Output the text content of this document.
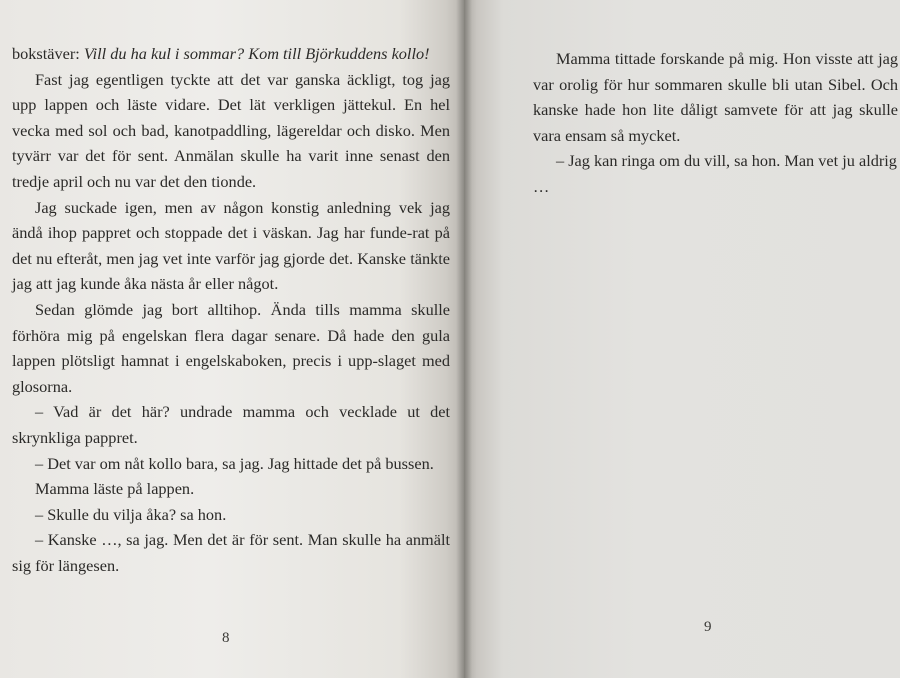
bokstäver: Vill du ha kul i sommar? Kom till Björkuddens kollo!

Fast jag egentligen tyckte att det var ganska äckligt, tog jag upp lappen och läste vidare. Det lät verkligen jättekul. En hel vecka med sol och bad, kanotpaddling, lägereldar och disko. Men tyvärr var det för sent. Anmälan skulle ha varit inne senast den tredje april och nu var det den tionde.

Jag suckade igen, men av någon konstig anledning vek jag ändå ihop pappret och stoppade det i väskan. Jag har funde-rat på det nu efteråt, men jag vet inte varför jag gjorde det. Kanske tänkte jag att jag kunde åka nästa år eller något.

Sedan glömde jag bort alltihop. Ända tills mamma skulle förhöra mig på engelskan flera dagar senare. Då hade den gula lappen plötsligt hamnat i engelskaboken, precis i upp-slaget med glosorna.

– Vad är det här? undrade mamma och vecklade ut det skrynkliga pappret.

– Det var om nåt kollo bara, sa jag. Jag hittade det på bussen.

Mamma läste på lappen.

– Skulle du vilja åka? sa hon.

– Kanske …, sa jag. Men det är för sent. Man skulle ha anmält sig för längesen.

8

Mamma tittade forskande på mig. Hon visste att jag var orolig för hur sommaren skulle bli utan Sibel. Och kanske hade hon lite dåligt samvete för att jag skulle vara ensam så mycket.

– Jag kan ringa om du vill, sa hon. Man vet ju aldrig …

9
